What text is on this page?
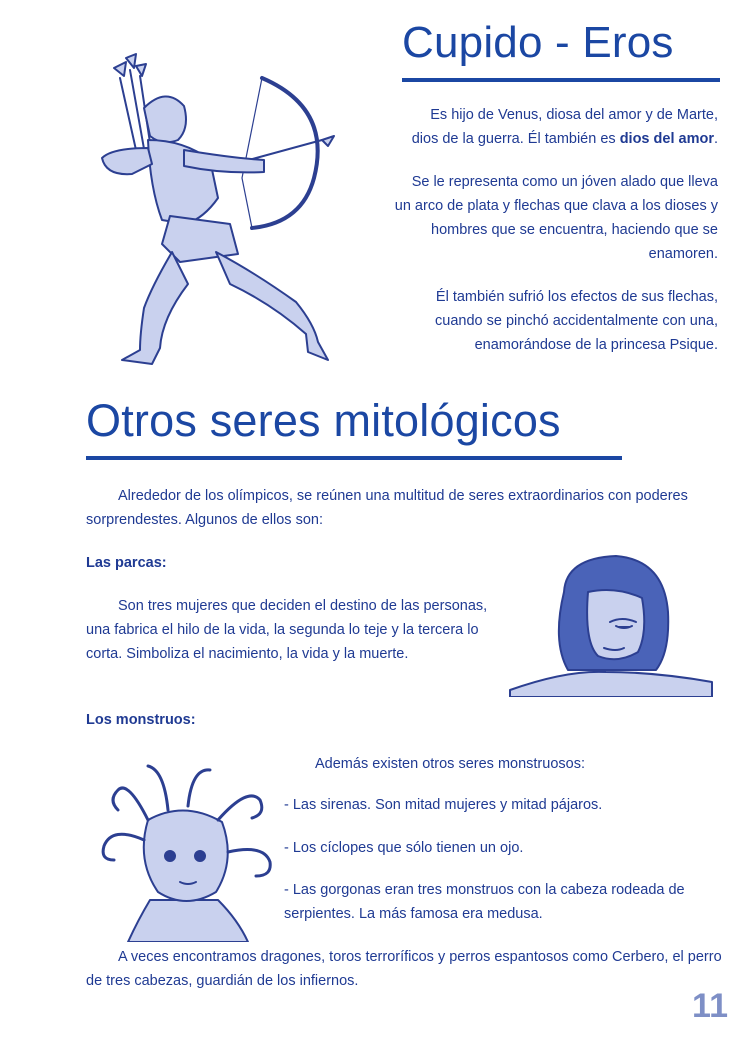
Cupido - Eros
Es hijo de Venus, diosa del amor y de Marte,
dios de la guerra. Él también es dios del amor.
Se le representa como un jóven alado que lleva
un arco de plata y flechas que clava a los dioses y
hombres que se encuentra, haciendo que se
enamoren.
Él también sufrió los efectos de sus flechas,
cuando se pinchó accidentalmente con una,
enamorándose de la princesa Psique.
Otros seres mitológicos
Alrededor de los olímpicos, se reúnen una multitud de seres extraordinarios con poderes sorprendestes. Algunos de ellos son:
Las parcas:
Son tres mujeres que deciden el destino de las personas, una fabrica el hilo de la vida, la segunda lo teje y la tercera lo corta. Simboliza el nacimiento, la vida y la muerte.
Los monstruos:
Además existen otros seres monstruosos:
- Las sirenas. Son mitad mujeres y mitad pájaros.
- Los cíclopes que sólo tienen un ojo.
- Las gorgonas eran tres monstruos con la cabeza rodeada de serpientes. La más famosa era medusa.
A veces encontramos dragones, toros terroríficos y perros espantosos como Cerbero, el perro de tres cabezas, guardián de los infiernos.
11
